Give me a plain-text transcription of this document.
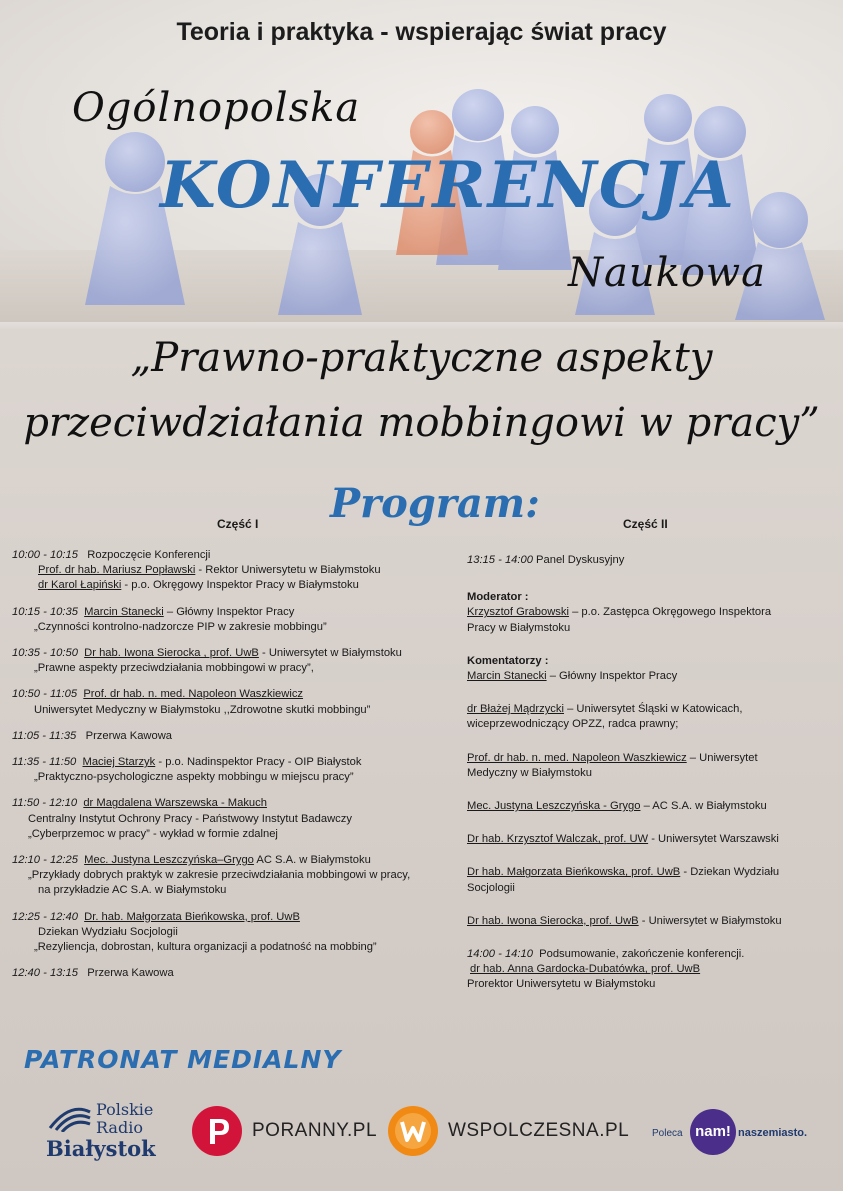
Teoria i praktyka - wspierając świat pracy
Ogólnopolska
KONFERENCJA
Naukowa
„Prawno-praktyczne aspekty
przeciwdziałania mobbingowi w pracy”
Program:
Część I	Część II

10:00 - 10:15 Rozpoczęcie Konferencji

Prof. dr hab. Mariusz Popławski - Rektor Uniwersytetu w Białymstoku

dr Karol Łapiński - p.o. Okręgowy Inspektor Pracy w Białymstoku

10:15 - 10:35 Marcin Stanecki – Główny Inspektor Pracy

„Czynności kontrolno-nadzorcze PIP w zakresie mobbingu”

10:35 - 10:50 Dr hab. Iwona Sierocka , prof. UwB - Uniwersytet w Białymstoku

„Prawne aspekty przeciwdziałania mobbingowi w pracy”,

10:50 - 11:05 Prof. dr hab. n. med. Napoleon Waszkiewicz

Uniwersytet Medyczny w Białymstoku ,,Zdrowotne skutki mobbingu”

11:05 - 11:35 Przerwa Kawowa

11:35 - 11:50 Maciej Starzyk - p.o. Nadinspektor Pracy - OIP Białystok

„Praktyczno-psychologiczne aspekty mobbingu w miejscu pracy”

11:50 - 12:10 dr Magdalena Warszewska - Makuch

Centralny Instytut Ochrony Pracy - Państwowy Instytut Badawczy

„Cyberprzemoc w pracy” - wykład w formie zdalnej

12:10 - 12:25 Mec. Justyna Leszczyńska–Grygo AC S.A. w Białymstoku

„Przykłady dobrych praktyk w zakresie przeciwdziałania mobbingowi w pracy,

na przykładzie AC S.A. w Białymstoku

12:25 - 12:40 Dr. hab. Małgorzata Bieńkowska, prof. UwB

Dziekan Wydziału Socjologii

„Rezyliencja, dobrostan, kultura organizacji a podatność na mobbing”

12:40 - 13:15 Przerwa Kawowa

13:15 - 14:00 Panel Dyskusyjny

Moderator :

Krzysztof Grabowski – p.o. Zastępca Okręgowego Inspektora

Pracy w Białymstoku

Komentatorzy :

Marcin Stanecki – Główny Inspektor Pracy

dr Błażej Mądrzycki – Uniwersytet Śląski w Katowicach,

wiceprzewodniczący OPZZ, radca prawny;

Prof. dr hab. n. med. Napoleon Waszkiewicz – Uniwersytet

Medyczny w Białymstoku

Mec. Justyna Leszczyńska - Grygo – AC S.A. w Białymstoku

Dr hab. Krzysztof Walczak, prof. UW - Uniwersytet Warszawski

Dr hab. Małgorzata Bieńkowska, prof. UwB - Dziekan Wydziału

Socjologii

Dr hab. Iwona Sierocka, prof. UwB - Uniwersytet w Białymstoku

14:00 - 14:10 Podsumowanie, zakończenie konferencji.

dr hab. Anna Gardocka-Dubatówka, prof. UwB

Prorektor Uniwersytetu w Białymstoku

PATRONAT MEDIALNY
Polskie
Radio
Białystok
PORANNY.PL	WSPOLCZESNA.PL Poleca nam! naszemiasto.
